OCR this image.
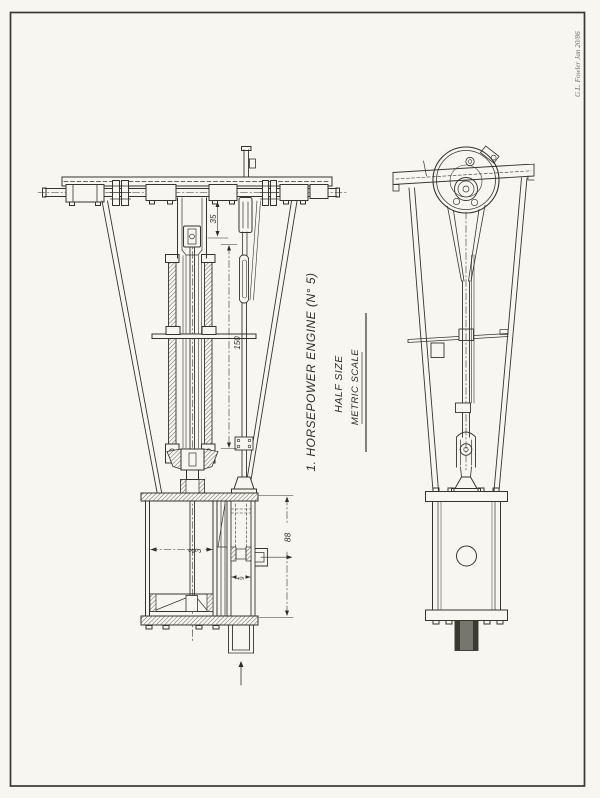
G.L. Fowler Jan 20/86
35
150
33
88
19
1. HORSEPOWER ENGINE (N° 5) HALF SIZE METRIC SCALE
